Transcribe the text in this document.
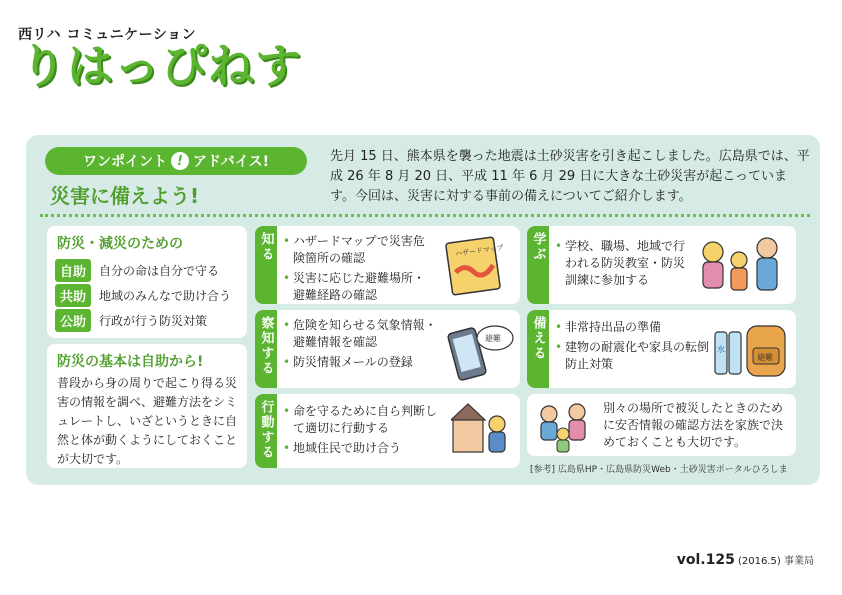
西リハ コミュニケーション
りはっぴねす
ワンポイント ! アドバイス!
災害に備えよう!
先月 15 日、熊本県を襲った地震は土砂災害を引き起こしました。広島県では、平成 26 年 8 月 20 日、平成 11 年 6 月 29 日に大きな土砂災害が起こっています。今回は、災害に対する事前の備えについてご紹介します。
防災・減災のための
自助	自分の命は自分で守る
共助	地域のみんなで助け合う
公助	行政が行う防災対策
防災の基本は自助から!
普段から身の周りで起こり得る災害の情報を調べ、避難方法をシミュレートし、いざというときに自然と体が動くようにしておくことが大切です。
知る	• ハザードマップで災害危険箇所の確認
• 災害に応じた避難場所・避難経路の確認
ハザードマップ
察知する	• 危険を知らせる気象情報・避難情報を確認
• 防災情報メールの登録
避難
行動する	• 命を守るために自ら判断して適切に行動する
• 地域住民で助け合う
学ぶ	• 学校、職場、地域で行われる防災教室・防災訓練に参加する
備える	• 非常持出品の準備
• 建物の耐震化や家具の転倒防止対策
水
避難
別々の場所で被災したときのために安否情報の確認方法を家族で決めておくことも大切です。
[参考] 広島県HP・広島県防災Web・土砂災害ポータルひろしま
vol.125 (2016.5) 事業局
